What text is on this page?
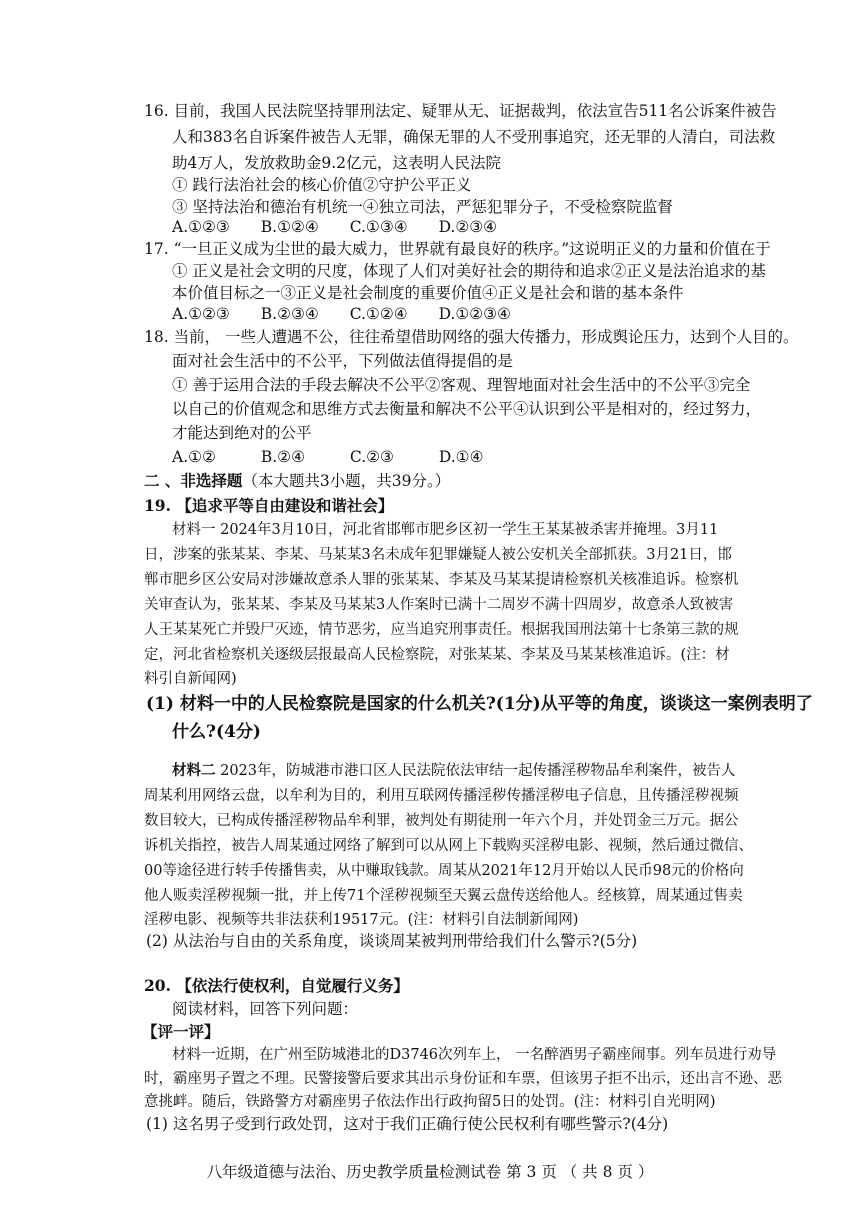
16. 目前，我国人民法院坚持罪刑法定、疑罪从无、证据裁判，依法宣告511名公诉案件被告
人和383名自诉案件被告人无罪，确保无罪的人不受刑事追究，还无罪的人清白，司法救
助4万人，发放救助金9.2亿元，这表明人民法院
① 践行法治社会的核心价值②守护公平正义
③ 坚持法治和德治有机统一④独立司法，严惩犯罪分子，不受检察院监督
A.①②③ B.①②④ C.①③④ D.②③④
17. “一旦正义成为尘世的最大威力，世界就有最良好的秩序。”这说明正义的力量和价值在于
① 正义是社会文明的尺度，体现了人们对美好社会的期待和追求②正义是法治追求的基
本价值目标之一③正义是社会制度的重要价值④正义是社会和谐的基本条件
A.①②③ B.②③④ C.①②④ D.①②③④
18. 当前， 一些人遭遇不公，往往希望借助网络的强大传播力，形成舆论压力，达到个人目的。
面对社会生活中的不公平，下列做法值得提倡的是
① 善于运用合法的手段去解决不公平②客观、理智地面对社会生活中的不公平③完全
以自己的价值观念和思维方式去衡量和解决不公平④认识到公平是相对的，经过努力，
才能达到绝对的公平
A.①②	B.②④	C.②③	D.①④
二 、非选择题（本大题共3小题，共39分。）
19. 【追求平等自由建设和谐社会】
材料一 2024年3月10日，河北省邯郸市肥乡区初一学生王某某被杀害并掩埋。3月11
日，涉案的张某某、李某、马某某3名未成年犯罪嫌疑人被公安机关全部抓获。3月21日，邯
郸市肥乡区公安局对涉嫌故意杀人罪的张某某、李某及马某某提请检察机关核准追诉。检察机
关审查认为，张某某、李某及马某某3人作案时已满十二周岁不满十四周岁，故意杀人致被害
人王某某死亡并毁尸灭迹，情节恶劣，应当追究刑事责任。根据我国刑法第十七条第三款的规
定，河北省检察机关逐级层报最高人民检察院，对张某某、李某及马某某核准追诉。(注：材
料引自新闻网)
(1) 材料一中的人民检察院是国家的什么机关?(1分)从平等的角度，谈谈这一案例表明了
什么?(4分)
材料二 2023年，防城港市港口区人民法院依法审结一起传播淫秽物品牟利案件，被告人
周某利用网络云盘，以牟利为目的，利用互联网传播淫秽传播淫秽电子信息，且传播淫秽视频
数目较大，已构成传播淫秽物品牟利罪，被判处有期徒刑一年六个月，并处罚金三万元。据公
诉机关指控，被告人周某通过网络了解到可以从网上下载购买淫秽电影、视频，然后通过微信、
00等途径进行转手传播售卖，从中赚取钱款。周某从2021年12月开始以人民币98元的价格向
他人贩卖淫秽视频一批，并上传71个淫秽视频至天翼云盘传送给他人。经核算，周某通过售卖
淫秽电影、视频等共非法获利19517元。(注：材料引自法制新闻网)
(2) 从法治与自由的关系角度，谈谈周某被判刑带给我们什么警示?(5分)
20. 【依法行使权利，自觉履行义务】
阅读材料，回答下列问题：
【评一评】
材料一近期，在广州至防城港北的D3746次列车上， 一名醉酒男子霸座闹事。列车员进行劝导
时，霸座男子置之不理。民警接警后要求其出示身份证和车票，但该男子拒不出示，还出言不逊、恶
意挑衅。随后，铁路警方对霸座男子依法作出行政拘留5日的处罚。(注：材料引自光明网)
(1) 这名男子受到行政处罚，这对于我们正确行使公民权利有哪些警示?(4分)
八年级道德与法治、历史教学质量检测试卷 第 3 页 （ 共 8 页 ）
